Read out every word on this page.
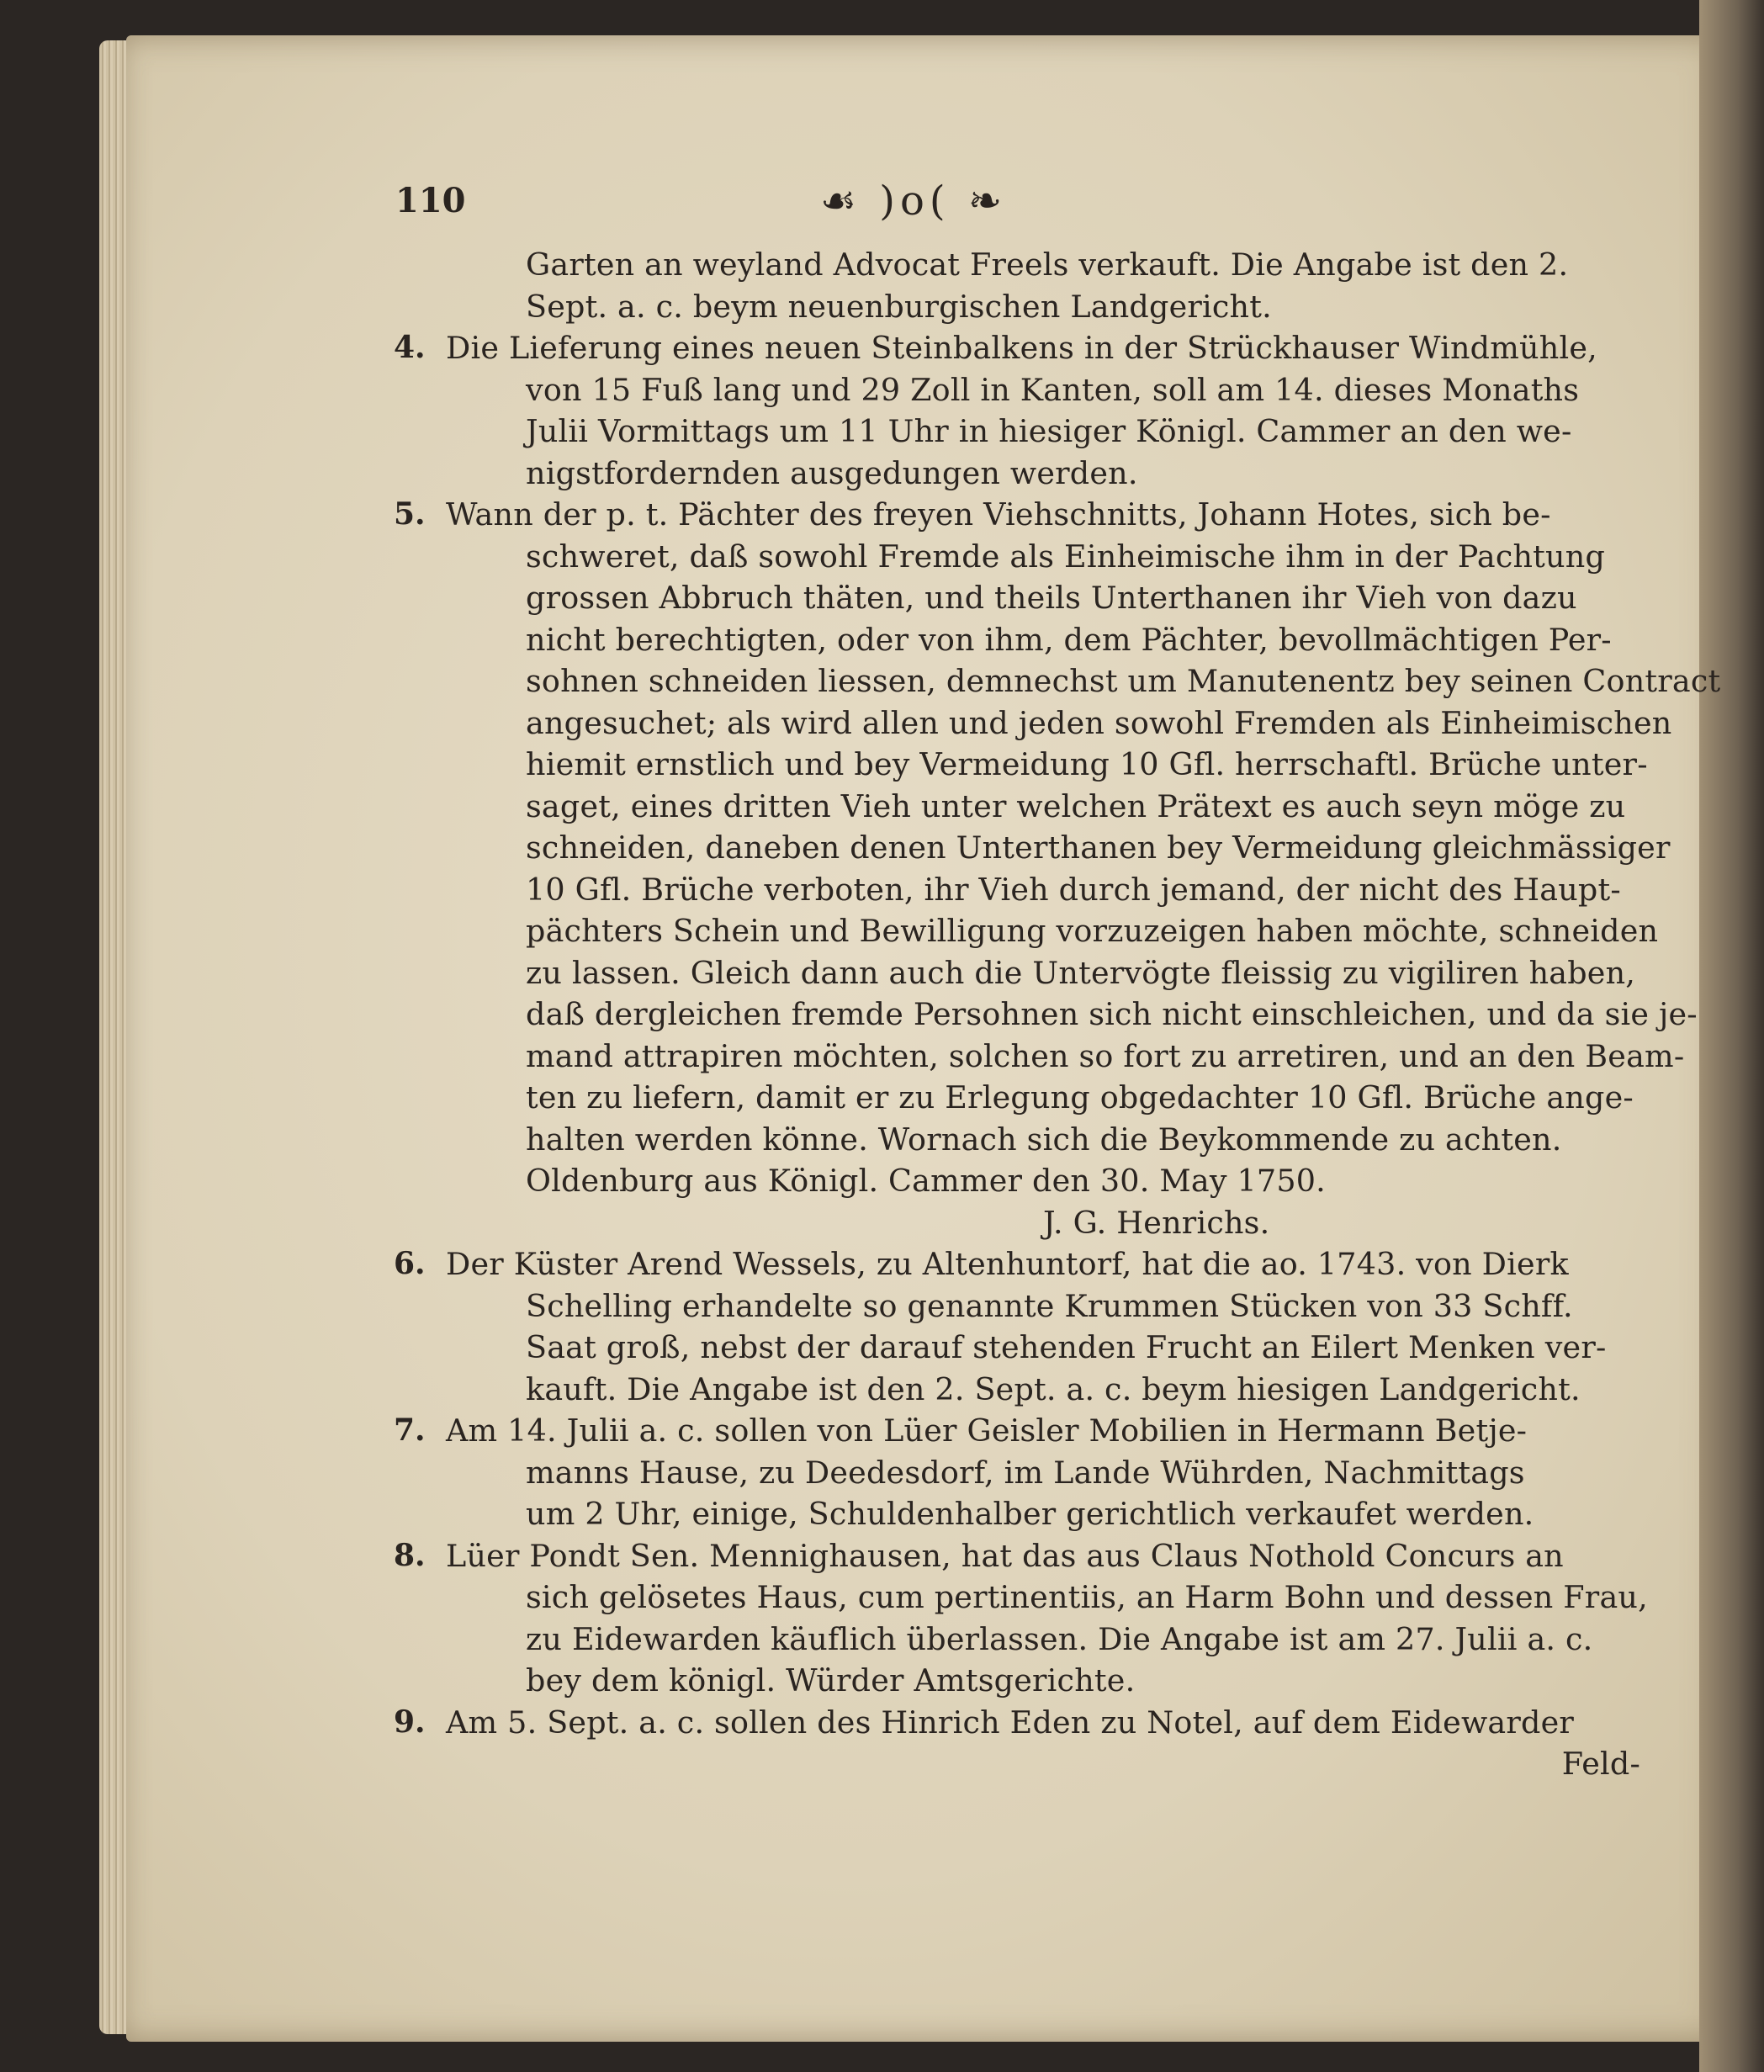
110	☙ )o( ❧
Garten an weyland Advocat Freels verkauft. Die Angabe ist den 2.
Sept. a. c. beym neuenburgischen Landgericht.
4. Die Lieferung eines neuen Steinbalkens in der Strückhauser Windmühle,
von 15 Fuß lang und 29 Zoll in Kanten, soll am 14. dieses Monaths
Julii Vormittags um 11 Uhr in hiesiger Königl. Cammer an den we-
nigstfordernden ausgedungen werden.
5. Wann der p. t. Pächter des freyen Viehschnitts, Johann Hotes, sich be-
schweret, daß sowohl Fremde als Einheimische ihm in der Pachtung
grossen Abbruch thäten, und theils Unterthanen ihr Vieh von dazu
nicht berechtigten, oder von ihm, dem Pächter, bevollmächtigen Per-
sohnen schneiden liessen, demnechst um Manutenentz bey seinen Contract
angesuchet; als wird allen und jeden sowohl Fremden als Einheimischen
hiemit ernstlich und bey Vermeidung 10 Gfl. herrschaftl. Brüche unter-
saget, eines dritten Vieh unter welchen Prätext es auch seyn möge zu
schneiden, daneben denen Unterthanen bey Vermeidung gleichmässiger
10 Gfl. Brüche verboten, ihr Vieh durch jemand, der nicht des Haupt-
pächters Schein und Bewilligung vorzuzeigen haben möchte, schneiden
zu lassen. Gleich dann auch die Untervögte fleissig zu vigiliren haben,
daß dergleichen fremde Persohnen sich nicht einschleichen, und da sie je-
mand attrapiren möchten, solchen so fort zu arretiren, und an den Beam-
ten zu liefern, damit er zu Erlegung obgedachter 10 Gfl. Brüche ange-
halten werden könne. Wornach sich die Beykommende zu achten.
Oldenburg aus Königl. Cammer den 30. May 1750.
J. G. Henrichs.
6. Der Küster Arend Wessels, zu Altenhuntorf, hat die ao. 1743. von Dierk
Schelling erhandelte so genannte Krummen Stücken von 33 Schff.
Saat groß, nebst der darauf stehenden Frucht an Eilert Menken ver-
kauft. Die Angabe ist den 2. Sept. a. c. beym hiesigen Landgericht.
7. Am 14. Julii a. c. sollen von Lüer Geisler Mobilien in Hermann Betje-
manns Hause, zu Deedesdorf, im Lande Wührden, Nachmittags
um 2 Uhr, einige, Schuldenhalber gerichtlich verkaufet werden.
8. Lüer Pondt Sen. Mennighausen, hat das aus Claus Nothold Concurs an
sich gelösetes Haus, cum pertinentiis, an Harm Bohn und dessen Frau,
zu Eidewarden käuflich überlassen. Die Angabe ist am 27. Julii a. c.
bey dem königl. Würder Amtsgerichte.
9. Am 5. Sept. a. c. sollen des Hinrich Eden zu Notel, auf dem Eidewarder
Feld-
